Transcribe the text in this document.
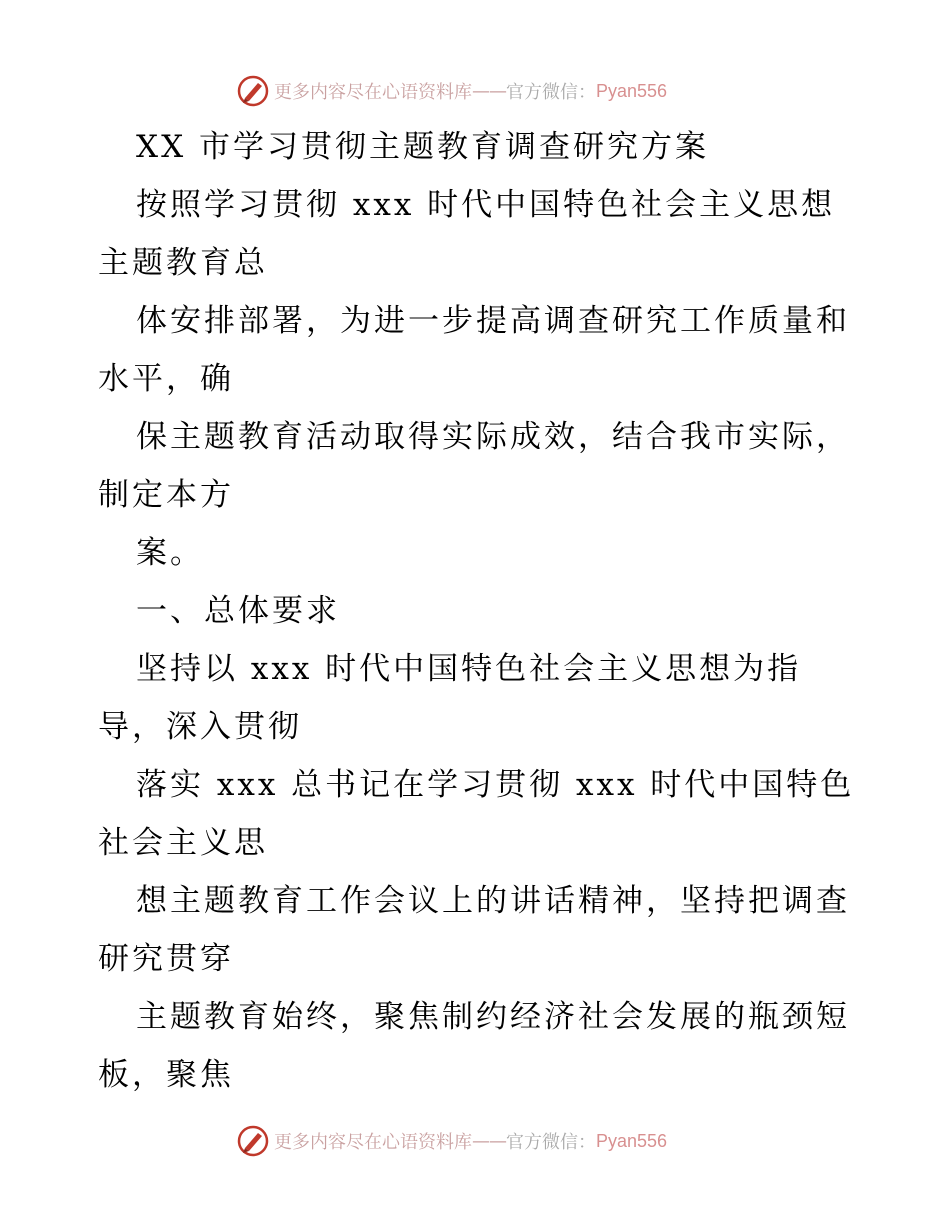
更多内容尽在心语资料库 —— 官方微信： Pyan556
XX 市学习贯彻主题教育调查研究方案
按照学习贯彻 xxx 时代中国特色社会主义思想
主题教育总
体安排部署，为进一步提高调查研究工作质量和
水平，确
保主题教育活动取得实际成效，结合我市实际，
制定本方
案。
一、总体要求
坚持以 xxx 时代中国特色社会主义思想为指
导，深入贯彻
落实 xxx 总书记在学习贯彻 xxx 时代中国特色
社会主义思
想主题教育工作会议上的讲话精神，坚持把调查
研究贯穿
主题教育始终，聚焦制约经济社会发展的瓶颈短
板，聚焦
更多内容尽在心语资料库 —— 官方微信： Pyan556
